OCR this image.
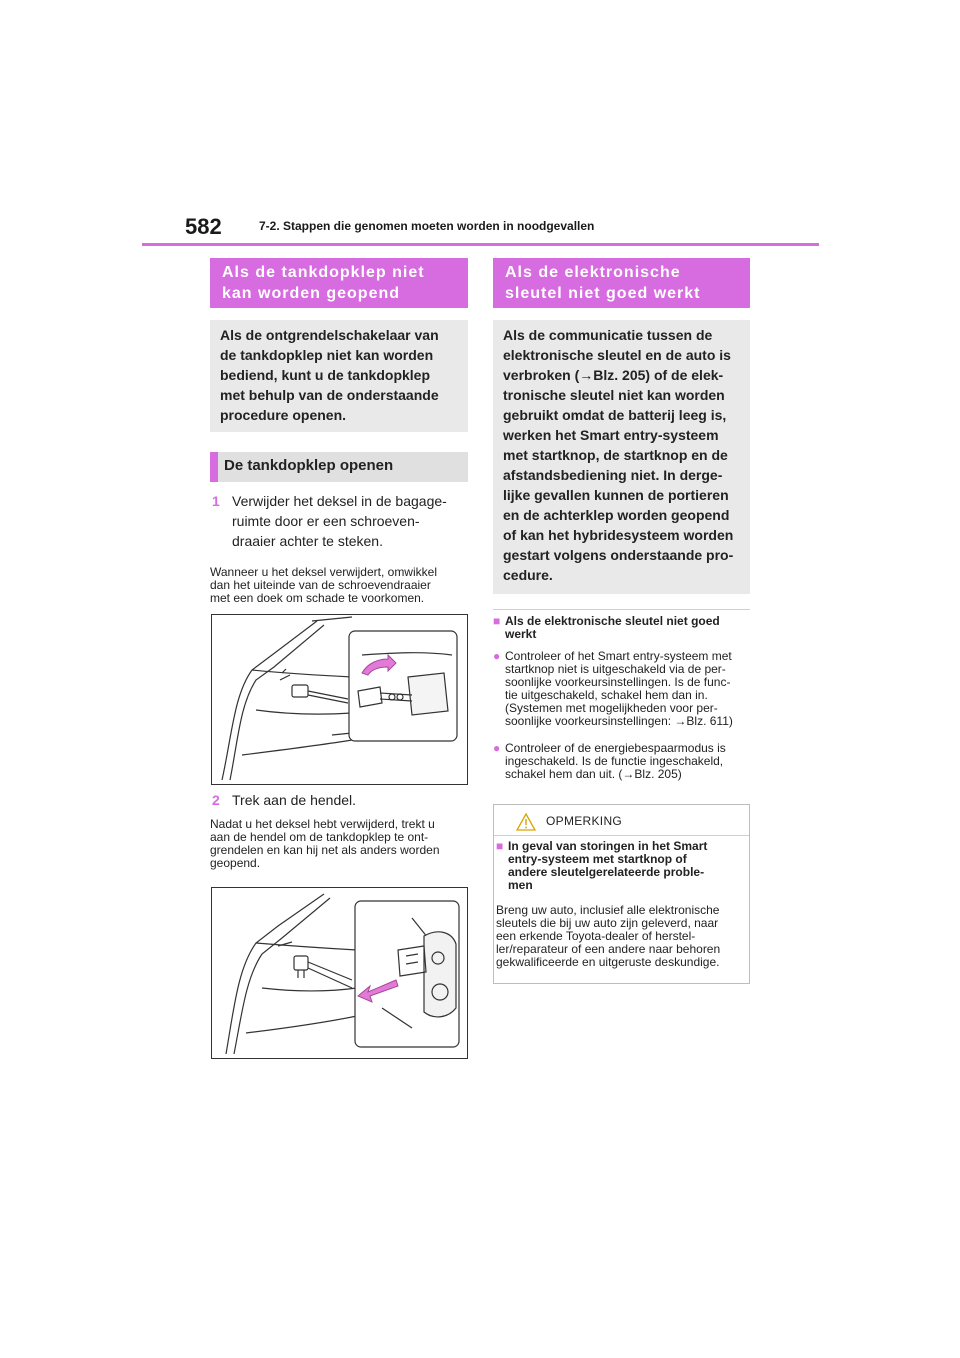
582	7-2. Stappen die genomen moeten worden in noodgevallen
Als de tankdopklep niet
kan worden geopend
Als de ontgrendelschakelaar van
de tankdopklep niet kan worden
bediend, kunt u de tankdopklep
met behulp van de onderstaande
procedure openen.
De tankdopklep openen
1 Verwijder het deksel in de bagage-
ruimte door er een schroeven-
draaier achter te steken.
Wanneer u het deksel verwijdert, omwikkel
dan het uiteinde van de schroevendraaier
met een doek om schade te voorkomen.
2 Trek aan de hendel.
Nadat u het deksel hebt verwijderd, trekt u
aan de hendel om de tankdopklep te ont-
grendelen en kan hij net als anders worden
geopend.
Als de elektronische
sleutel niet goed werkt
Als de communicatie tussen de
elektronische sleutel en de auto is
verbroken (→Blz. 205) of de elek-
tronische sleutel niet kan worden
gebruikt omdat de batterij leeg is,
werken het Smart entry-systeem
met startknop, de startknop en de
afstandsbediening niet. In derge-
lijke gevallen kunnen de portieren
en de achterklep worden geopend
of kan het hybridesysteem worden
gestart volgens onderstaande pro-
cedure.
■ Als de elektronische sleutel niet goed
werkt
● Controleer of het Smart entry-systeem met
startknop niet is uitgeschakeld via de per-
soonlijke voorkeursinstellingen. Is de func-
tie uitgeschakeld, schakel hem dan in.
(Systemen met mogelijkheden voor per-
soonlijke voorkeursinstellingen: →Blz. 611)
● Controleer of de energiebespaarmodus is
ingeschakeld. Is de functie ingeschakeld,
schakel hem dan uit. (→Blz. 205)
OPMERKING
■ In geval van storingen in het Smart
entry-systeem met startknop of
andere sleutelgerelateerde proble-
men
Breng uw auto, inclusief alle elektronische
sleutels die bij uw auto zijn geleverd, naar
een erkende Toyota-dealer of herstel-
ler/reparateur of een andere naar behoren
gekwalificeerde en uitgeruste deskundige.
